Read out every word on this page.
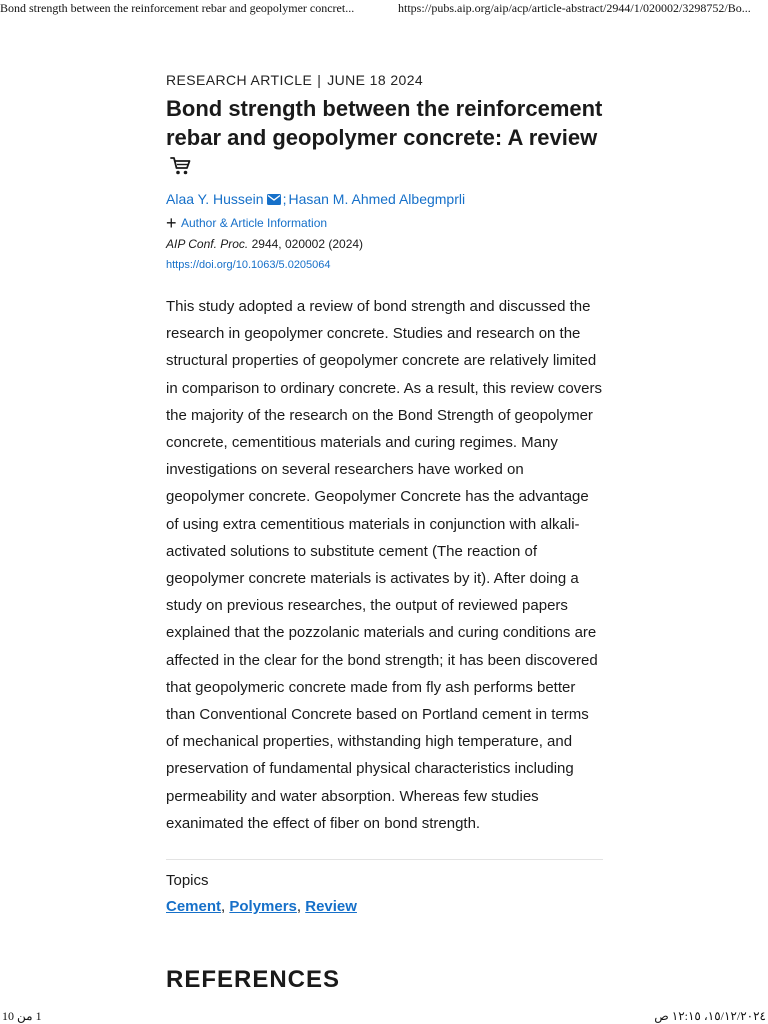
Bond strength between the reinforcement rebar and geopolymer concret...	https://pubs.aip.org/aip/acp/article-abstract/2944/1/020002/3298752/Bo...
RESEARCH ARTICLE | JUNE 18 2024
Bond strength between the reinforcement rebar and geopolymer concrete: A review
Alaa Y. Hussein ; Hasan M. Ahmed Albegmprli
+ Author & Article Information
AIP Conf. Proc. 2944, 020002 (2024)
https://doi.org/10.1063/5.0205064

This study adopted a review of bond strength and discussed the research in geopolymer concrete. Studies and research on the structural properties of geopolymer concrete are relatively limited in comparison to ordinary concrete. As a result, this review covers the majority of the research on the Bond Strength of geopolymer concrete, cementitious materials and curing regimes. Many investigations on several researchers have worked on geopolymer concrete. Geopolymer Concrete has the advantage of using extra cementitious materials in conjunction with alkali-activated solutions to substitute cement (The reaction of geopolymer concrete materials is activates by it). After doing a study on previous researches, the output of reviewed papers explained that the pozzolanic materials and curing conditions are affected in the clear for the bond strength; it has been discovered that geopolymeric concrete made from fly ash performs better than Conventional Concrete based on Portland cement in terms of mechanical properties, withstanding high temperature, and preservation of fundamental physical characteristics including permeability and water absorption. Whereas few studies exanimated the effect of fiber on bond strength.

Topics
Cement, Polymers, Review
REFERENCES
1 من 10	١٥/١٢/٢٠٢٤، ١٢:١٥ ص
